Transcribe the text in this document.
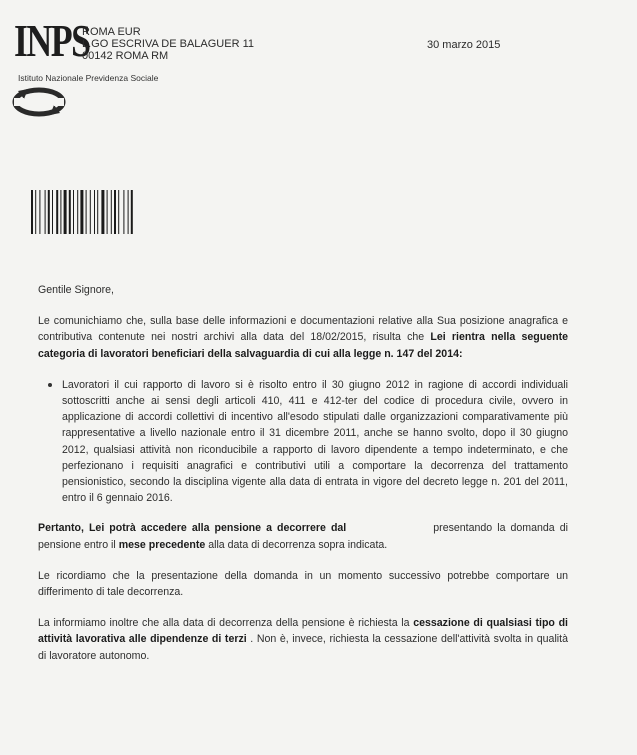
INPS
Istituto Nazionale Previdenza Sociale
ROMA EUR
L.GO ESCRIVA DE BALAGUER 11
00142 ROMA RM
30 marzo 2015

Gentile Signore,

Le comunichiamo che, sulla base delle informazioni e documentazioni relative alla Sua posizione anagrafica e contributiva contenute nei nostri archivi alla data del 18/02/2015, risulta che Lei rientra nella seguente categoria di lavoratori beneficiari della salvaguardia di cui alla legge n. 147 del 2014:

Lavoratori il cui rapporto di lavoro si è risolto entro il 30 giugno 2012 in ragione di accordi individuali sottoscritti anche ai sensi degli articoli 410, 411 e 412-ter del codice di procedura civile, ovvero in applicazione di accordi collettivi di incentivo all'esodo stipulati dalle organizzazioni comparativamente più rappresentative a livello nazionale entro il 31 dicembre 2011, anche se hanno svolto, dopo il 30 giugno 2012, qualsiasi attività non riconducibile a rapporto di lavoro dipendente a tempo indeterminato, e che perfezionano i requisiti anagrafici e contributivi utili a comportare la decorrenza del trattamento pensionistico, secondo la disciplina vigente alla data di entrata in vigore del decreto legge n. 201 del 2011, entro il 6 gennaio 2016.

Pertanto, Lei potrà accedere alla pensione a decorrere dal	presentando la domanda di pensione entro il mese precedente alla data di decorrenza sopra indicata.

Le ricordiamo che la presentazione della domanda in un momento successivo potrebbe comportare un differimento di tale decorrenza.

La informiamo inoltre che alla data di decorrenza della pensione è richiesta la cessazione di qualsiasi tipo di attività lavorativa alle dipendenze di terzi . Non è, invece, richiesta la cessazione dell'attività svolta in qualità di lavoratore autonomo.
